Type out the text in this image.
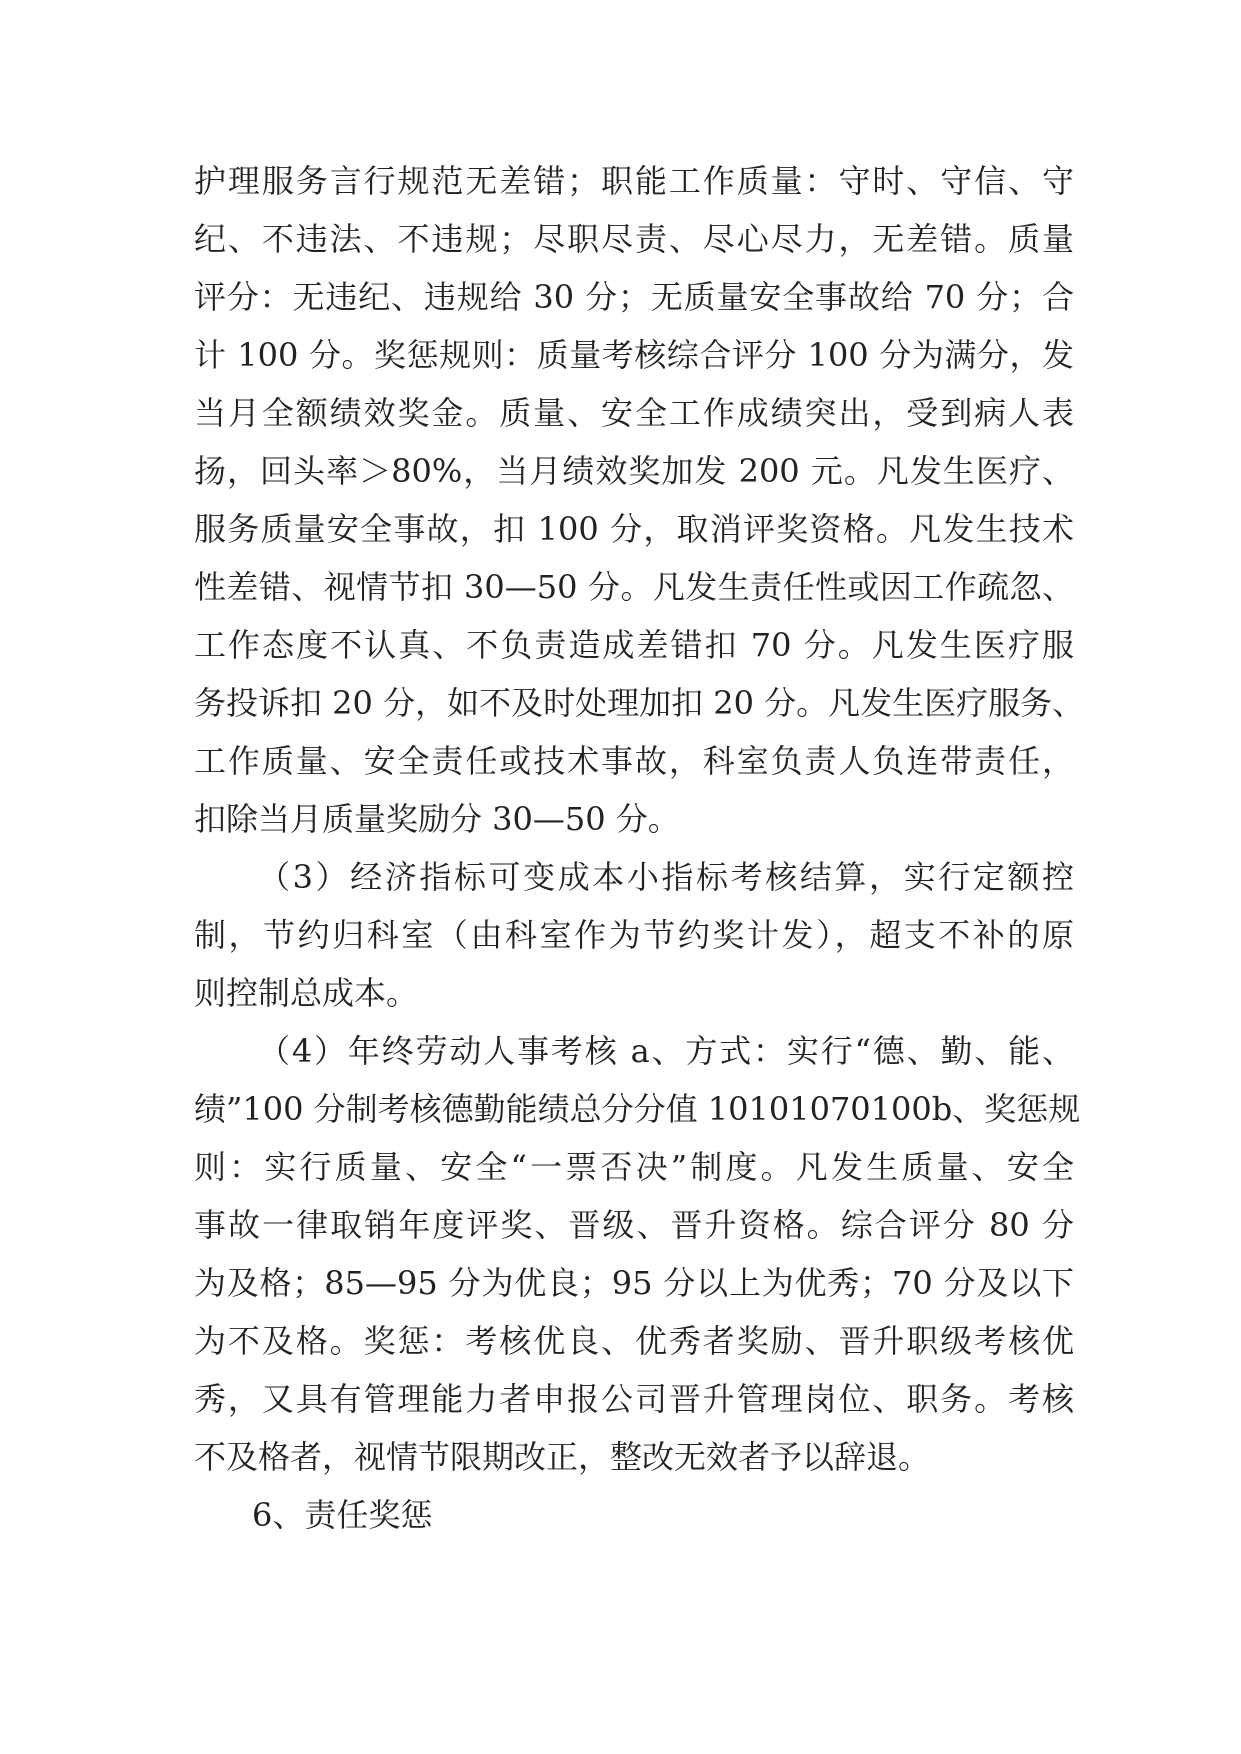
护理服务言行规范无差错；职能工作质量：守时、守信、守
纪、不违法、不违规；尽职尽责、尽心尽力，无差错。质量
评分：无违纪、违规给 30 分；无质量安全事故给 70 分；合
计 100 分。奖惩规则：质量考核综合评分 100 分为满分，发
当月全额绩效奖金。质量、安全工作成绩突出，受到病人表
扬，回头率＞80%，当月绩效奖加发 200 元。凡发生医疗、
服务质量安全事故，扣 100 分，取消评奖资格。凡发生技术
性差错、视情节扣 30—50 分。凡发生责任性或因工作疏忽、
工作态度不认真、不负责造成差错扣 70 分。凡发生医疗服
务投诉扣 20 分，如不及时处理加扣 20 分。凡发生医疗服务、
工作质量、安全责任或技术事故，科室负责人负连带责任，
扣除当月质量奖励分 30—50 分。
（3）经济指标可变成本小指标考核结算，实行定额控
制，节约归科室（由科室作为节约奖计发），超支不补的原
则控制总成本。
（4）年终劳动人事考核 a、方式：实行“德、勤、能、
绩”100 分制考核德勤能绩总分分值 10101070100b、奖惩规
则：实行质量、安全“一票否决”制度。凡发生质量、安全
事故一律取销年度评奖、晋级、晋升资格。综合评分 80 分
为及格；85—95 分为优良；95 分以上为优秀；70 分及以下
为不及格。奖惩：考核优良、优秀者奖励、晋升职级考核优
秀，又具有管理能力者申报公司晋升管理岗位、职务。考核
不及格者，视情节限期改正，整改无效者予以辞退。
6、责任奖惩
